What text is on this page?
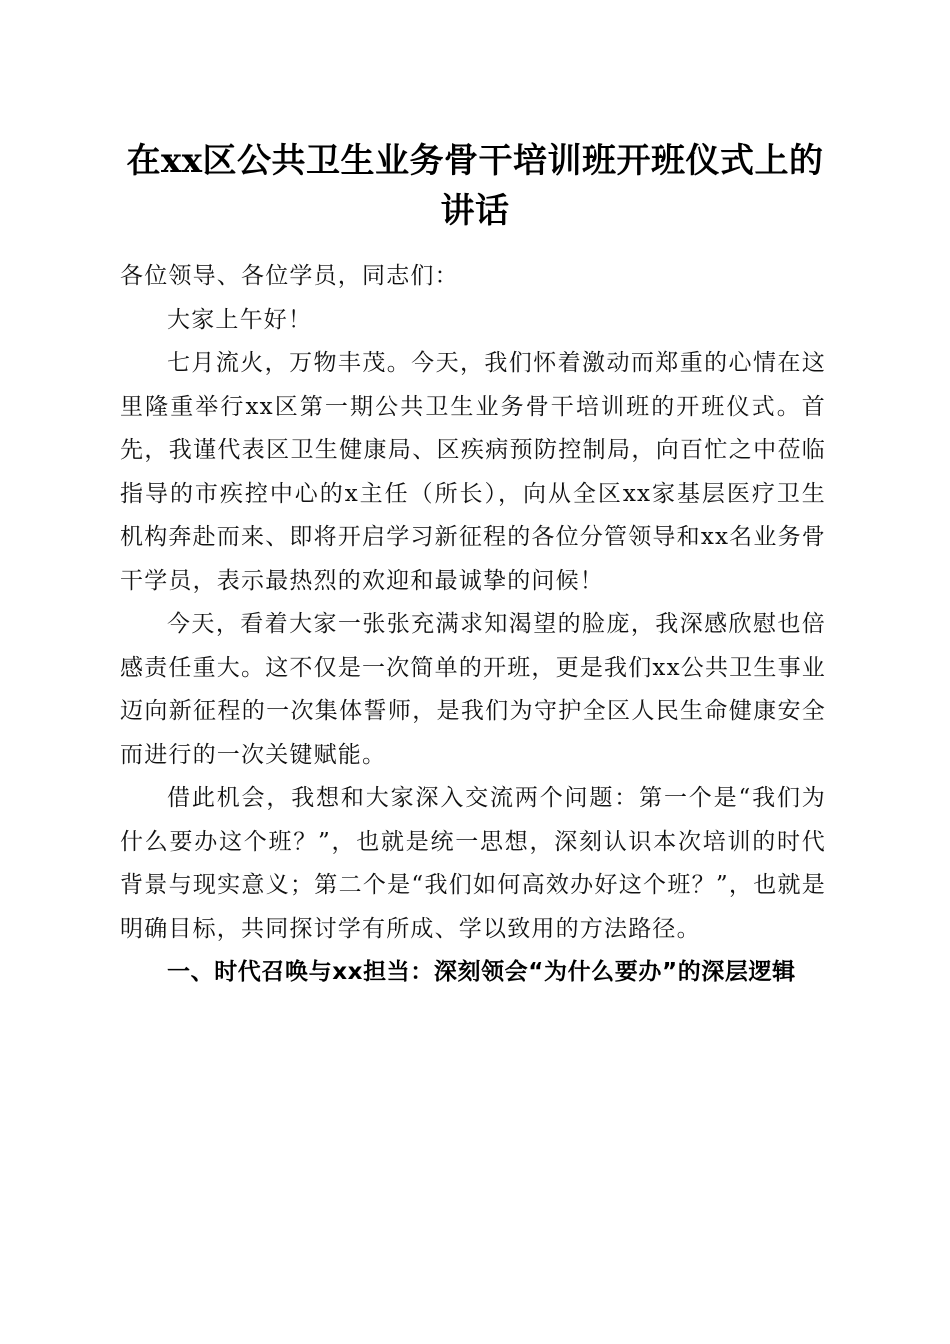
在xx区公共卫生业务骨干培训班开班仪式上的讲话

各位领导、各位学员，同志们：

大家上午好！

七月流火，万物丰茂。今天，我们怀着激动而郑重的心情在这里隆重举行xx区第一期公共卫生业务骨干培训班的开班仪式。首先，我谨代表区卫生健康局、区疾病预防控制局，向百忙之中莅临指导的市疾控中心的x主任（所长），向从全区xx家基层医疗卫生机构奔赴而来、即将开启学习新征程的各位分管领导和xx名业务骨干学员，表示最热烈的欢迎和最诚挚的问候！

今天，看着大家一张张充满求知渴望的脸庞，我深感欣慰也倍感责任重大。这不仅是一次简单的开班，更是我们xx公共卫生事业迈向新征程的一次集体誓师，是我们为守护全区人民生命健康安全而进行的一次关键赋能。

借此机会，我想和大家深入交流两个问题：第一个是“我们为什么要办这个班？”，也就是统一思想，深刻认识本次培训的时代背景与现实意义；第二个是“我们如何高效办好这个班？”，也就是明确目标，共同探讨学有所成、学以致用的方法路径。

一、时代召唤与xx担当：深刻领会“为什么要办”的深层逻辑
